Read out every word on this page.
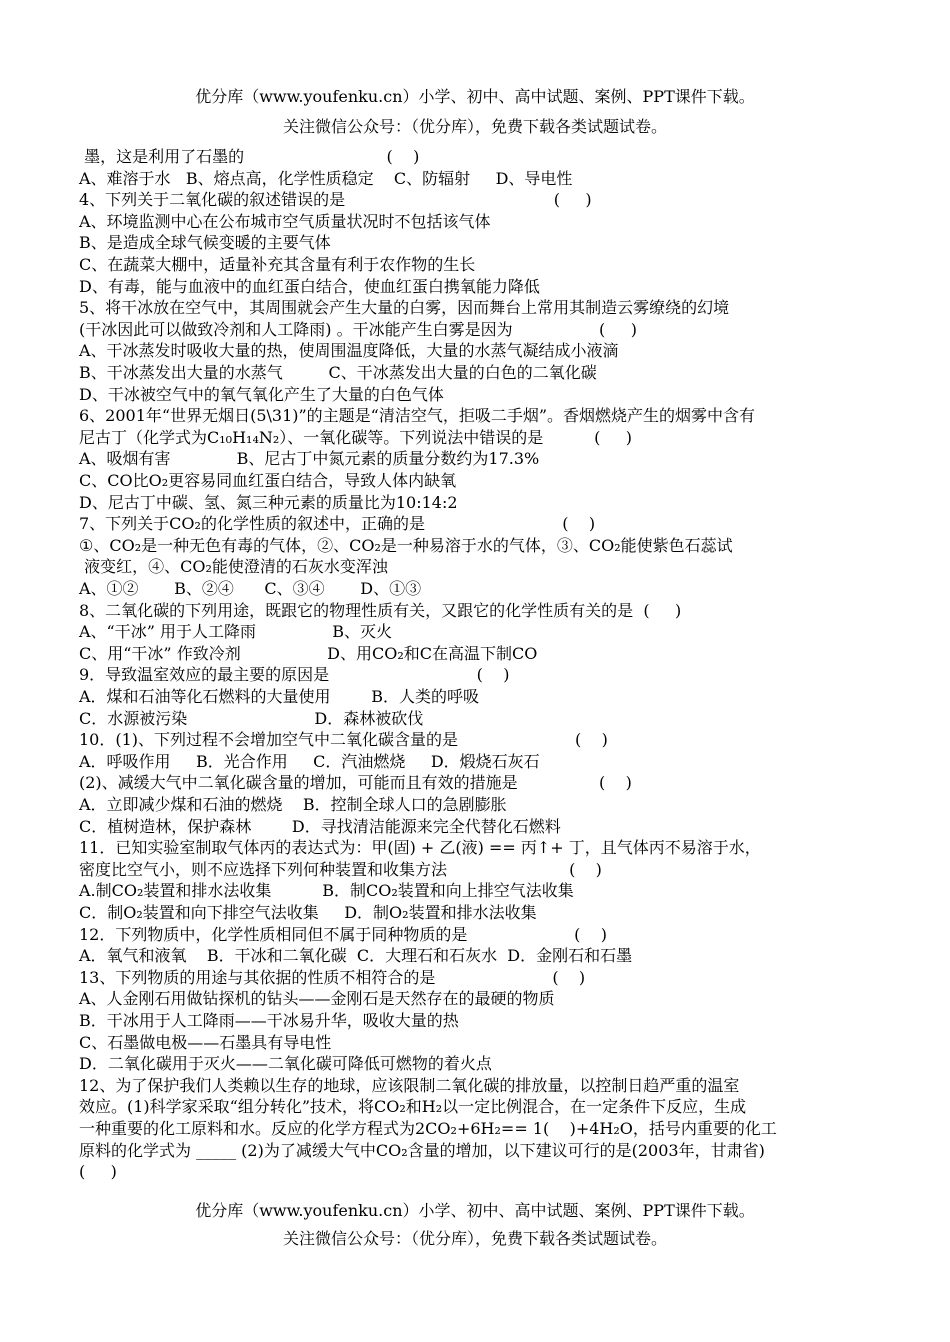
优分库（www.youfenku.cn）小学、初中、高中试题、案例、PPT课件下载。
关注微信公众号：（优分库），免费下载各类试题试卷。
墨，这是利用了石墨的                            (    )
A、难溶于水   B、熔点高，化学性质稳定    C、防辐射     D、导电性
4、下列关于二氧化碳的叙述错误的是                                         (     )
A、环境监测中心在公布城市空气质量状况时不包括该气体
B、是造成全球气候变暖的主要气体
C、在蔬菜大棚中，适量补充其含量有利于农作物的生长
D、有毒，能与血液中的血红蛋白结合，使血红蛋白携氧能力降低
5、将干冰放在空气中，其周围就会产生大量的白雾，因而舞台上常用其制造云雾缭绕的幻境
(干冰因此可以做致冷剂和人工降雨) 。干冰能产生白雾是因为                 (     )
A、干冰蒸发时吸收大量的热，使周围温度降低，大量的水蒸气凝结成小液滴
B、干冰蒸发出大量的水蒸气         C、干冰蒸发出大量的白色的二氧化碳
D、干冰被空气中的氧气氧化产生了大量的白色气体
6、2001年“世界无烟日(5\31)”的主题是“清洁空气，拒吸二手烟”。香烟燃烧产生的烟雾中含有
尼古丁（化学式为C₁₀H₁₄N₂）、一氧化碳等。下列说法中错误的是          (     )
A、吸烟有害             B、尼古丁中氮元素的质量分数约为17.3%
C、CO比O₂更容易同血红蛋白结合，导致人体内缺氧
D、尼古丁中碳、氢、氮三种元素的质量比为10:14:2
7、下列关于CO₂的化学性质的叙述中，正确的是                           (    )
①、CO₂是一种无色有毒的气体，②、CO₂是一种易溶于水的气体，③、CO₂能使紫色石蕊试
液变红，④、CO₂能使澄清的石灰水变浑浊
A、①②       B、②④      C、③④       D、①③
8、二氧化碳的下列用途，既跟它的物理性质有关，又跟它的化学性质有关的是  (     )
A、“干冰” 用于人工降雨               B、灭火
C、用“干冰” 作致冷剂                 D、用CO₂和C在高温下制CO
9．导致温室效应的最主要的原因是                             (    )
A．煤和石油等化石燃料的大量使用        B．人类的呼吸
C．水源被污染                         D．森林被砍伐
10．(1)、下列过程不会增加空气中二氧化碳含量的是                       (    )
A．呼吸作用     B．光合作用     C．汽油燃烧     D．煅烧石灰石
(2)、减缓大气中二氧化碳含量的增加，可能而且有效的措施是                (    )
A．立即减少煤和石油的燃烧    B．控制全球人口的急剧膨胀
C．植树造林，保护森林        D．寻找清洁能源来完全代替化石燃料
11．已知实验室制取气体丙的表达式为：甲(固) + 乙(液) == 丙↑+ 丁，且气体丙不易溶于水，
密度比空气小，则不应选择下列何种装置和收集方法                        (    )
A.制CO₂装置和排水法收集          B．制CO₂装置和向上排空气法收集
C．制O₂装置和向下排空气法收集     D．制O₂装置和排水法收集
12．下列物质中，化学性质相同但不属于同种物质的是                     (    )
A．氧气和液氧    B．干冰和二氧化碳  C．大理石和石灰水  D．金刚石和石墨
13、下列物质的用途与其依据的性质不相符合的是                       (    )
A、人金刚石用做钻探机的钻头——金刚石是天然存在的最硬的物质
B．干冰用于人工降雨——干冰易升华，吸收大量的热
C、石墨做电极——石墨具有导电性
D．二氧化碳用于灭火——二氧化碳可降低可燃物的着火点
12、为了保护我们人类赖以生存的地球，应该限制二氧化碳的排放量，以控制日趋严重的温室
效应。(1)科学家采取“组分转化”技术，将CO₂和H₂以一定比例混合，在一定条件下反应，生成
一种重要的化工原料和水。反应的化学方程式为2CO₂+6H₂== 1(    )+4H₂O，括号内重要的化工
原料的化学式为 _____ (2)为了减缓大气中CO₂含量的增加，以下建议可行的是(2003年，甘肃省)
(     )
优分库（www.youfenku.cn）小学、初中、高中试题、案例、PPT课件下载。
关注微信公众号：（优分库），免费下载各类试题试卷。
